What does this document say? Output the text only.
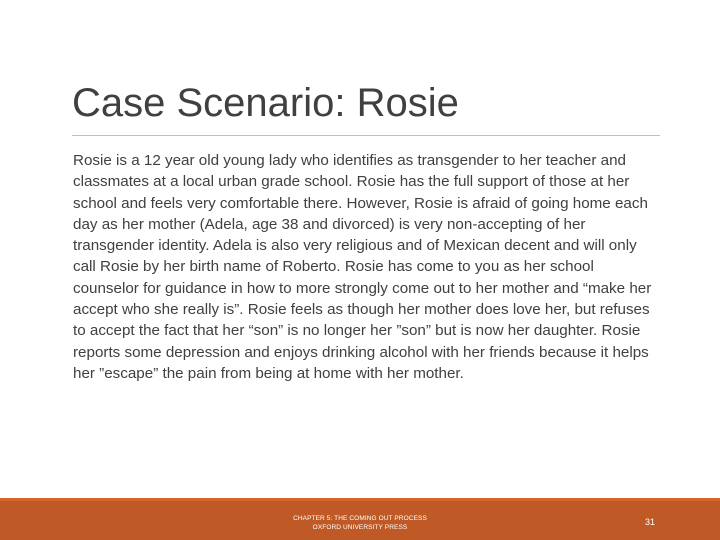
Case Scenario: Rosie

Rosie is a 12 year old young lady who identifies as transgender to her teacher and classmates at a local urban grade school. Rosie has the full support of those at her school and feels very comfortable there. However, Rosie is afraid of going home each day as her mother (Adela, age 38 and divorced) is very non-accepting of her transgender identity. Adela is also very religious and of Mexican decent and will only call Rosie by her birth name of Roberto. Rosie has come to you as her school counselor for guidance in how to more strongly come out to her mother and “make her accept who she really is”. Rosie feels as though her mother does love her, but refuses to accept the fact that her “son” is no longer her ”son” but is now her daughter. Rosie reports some depression and enjoys drinking alcohol with her friends because it helps her ”escape” the pain from being at home with her mother.

CHAPTER 5: THE COMING OUT PROCESS
OXFORD UNIVERSITY PRESS
31
